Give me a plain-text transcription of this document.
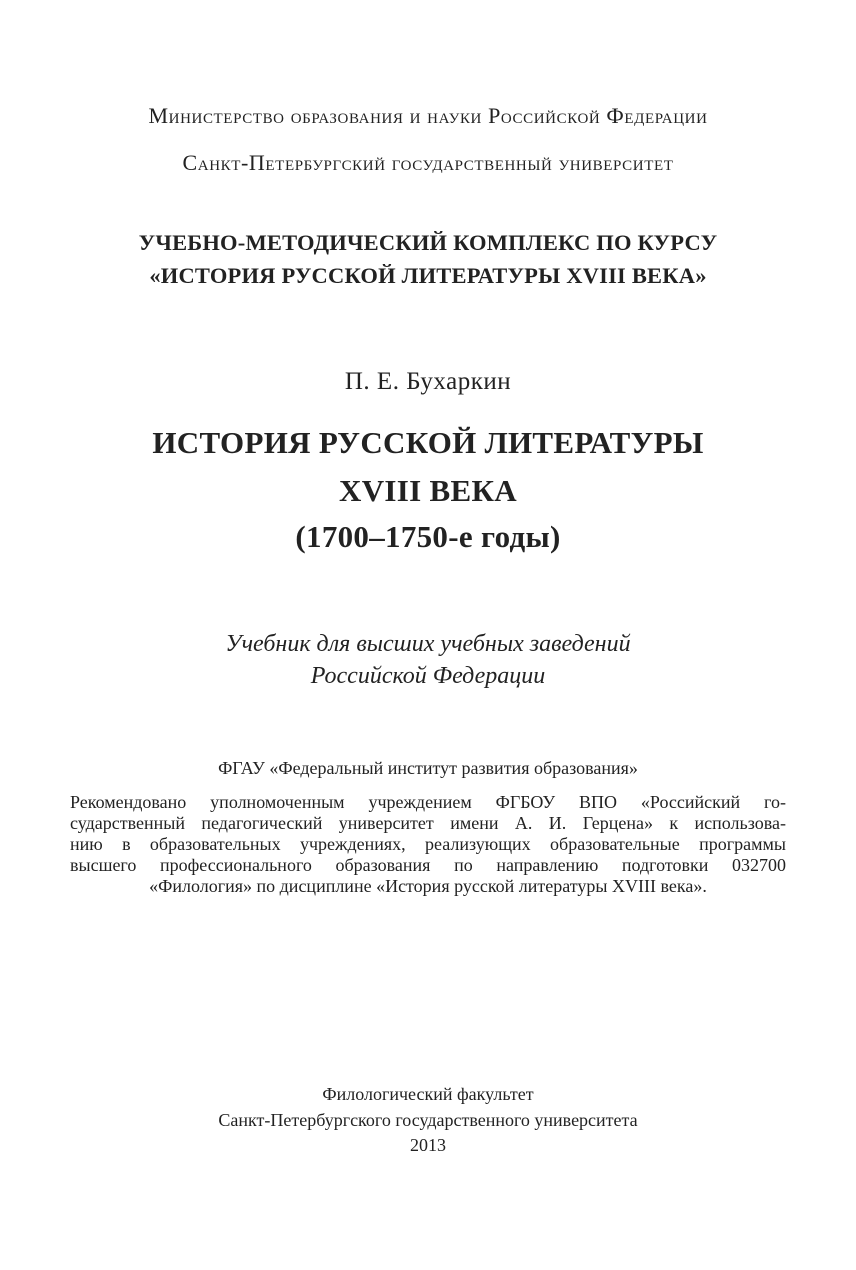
Министерство образования и науки Российской Федерации
Санкт-Петербургский государственный университет
УЧЕБНО-МЕТОДИЧЕСКИЙ КОМПЛЕКС ПО КУРСУ
«ИСТОРИЯ РУССКОЙ ЛИТЕРАТУРЫ XVIII ВЕКА»
П. Е. Бухаркин
ИСТОРИЯ РУССКОЙ ЛИТЕРАТУРЫ
XVIII ВЕКА
(1700–1750-е годы)
Учебник для высших учебных заведений
Российской Федерации
ФГАУ «Федеральный институт развития образования»
Рекомендовано уполномоченным учреждением ФГБОУ ВПО «Российский го-
сударственный педагогический университет имени А. И. Герцена» к использова-
нию в образовательных учреждениях, реализующих образовательные программы
высшего профессионального образования по направлению подготовки 032700
«Филология» по дисциплине «История русской литературы XVIII века».
Филологический факультет
Санкт-Петербургского государственного университета
2013
